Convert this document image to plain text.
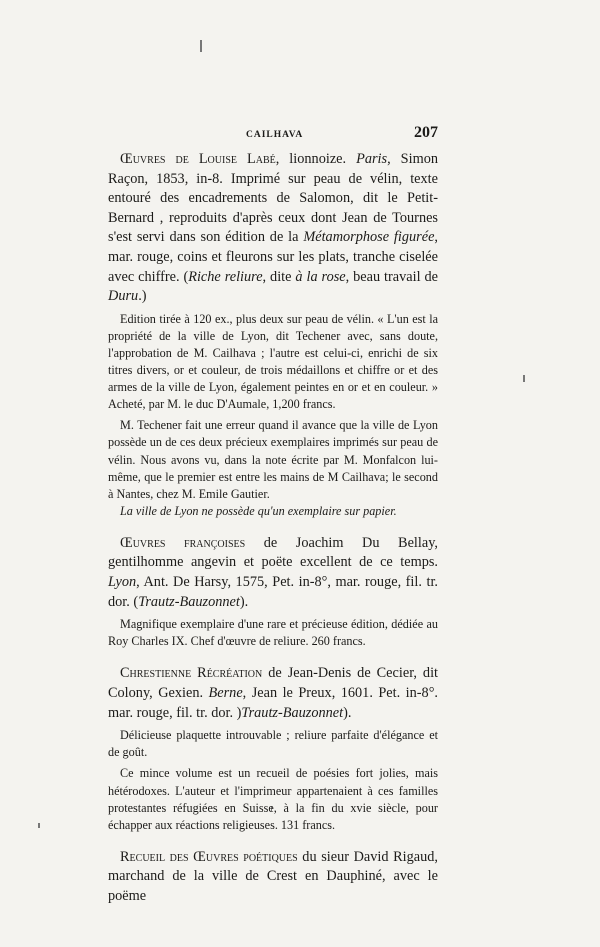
CAILHAVA	207

Œuvres de Louise Labé, lionnoize. Paris, Simon Raçon, 1853, in-8. Imprimé sur peau de vélin, texte entouré des encadrements de Salomon, dit le Petit-Bernard , reproduits d'après ceux dont Jean de Tournes s'est servi dans son édition de la Métamorphose figurée, mar. rouge, coins et fleurons sur les plats, tranche ciselée avec chiffre. (Riche reliure, dite à la rose, beau travail de Duru.)

Edition tirée à 120 ex., plus deux sur peau de vélin. « L'un est la propriété de la ville de Lyon, dit Techener avec, sans doute, l'approbation de M. Cailhava ; l'autre est celui-ci, enrichi de six titres divers, or et couleur, de trois médaillons et chiffre or et des armes de la ville de Lyon, également peintes en or et en couleur. » Acheté, par M. le duc D'Aumale, 1,200 francs.

M. Techener fait une erreur quand il avance que la ville de Lyon possède un de ces deux précieux exemplaires imprimés sur peau de vélin. Nous avons vu, dans la note écrite par M. Monfalcon lui-même, que le premier est entre les mains de M Cailhava; le second à Nantes, chez M. Emile Gautier.

La ville de Lyon ne possède qu'un exemplaire sur papier.

Œuvres françoises de Joachim Du Bellay, gentilhomme angevin et poëte excellent de ce temps. Lyon, Ant. De Harsy, 1575, Pet. in-8°, mar. rouge, fil. tr. dor. (Trautz-Bauzonnet).

Magnifique exemplaire d'une rare et précieuse édition, dédiée au Roy Charles IX. Chef d'œuvre de reliure. 260 francs.

Chrestienne Récréation de Jean-Denis de Cecier, dit Colony, Gexien. Berne, Jean le Preux, 1601. Pet. in-8°. mar. rouge, fil. tr. dor. )Trautz-Bauzonnet).

Délicieuse plaquette introuvable ; reliure parfaite d'élégance et de goût.

Ce mince volume est un recueil de poésies fort jolies, mais hétérodoxes. L'auteur et l'imprimeur appartenaient à ces familles protestantes réfugiées en Suisse, à la fin du xvie siècle, pour échapper aux réactions religieuses. 131 francs.

Recueil des Œuvres poétiques du sieur David Rigaud, marchand de la ville de Crest en Dauphiné, avec le poëme
